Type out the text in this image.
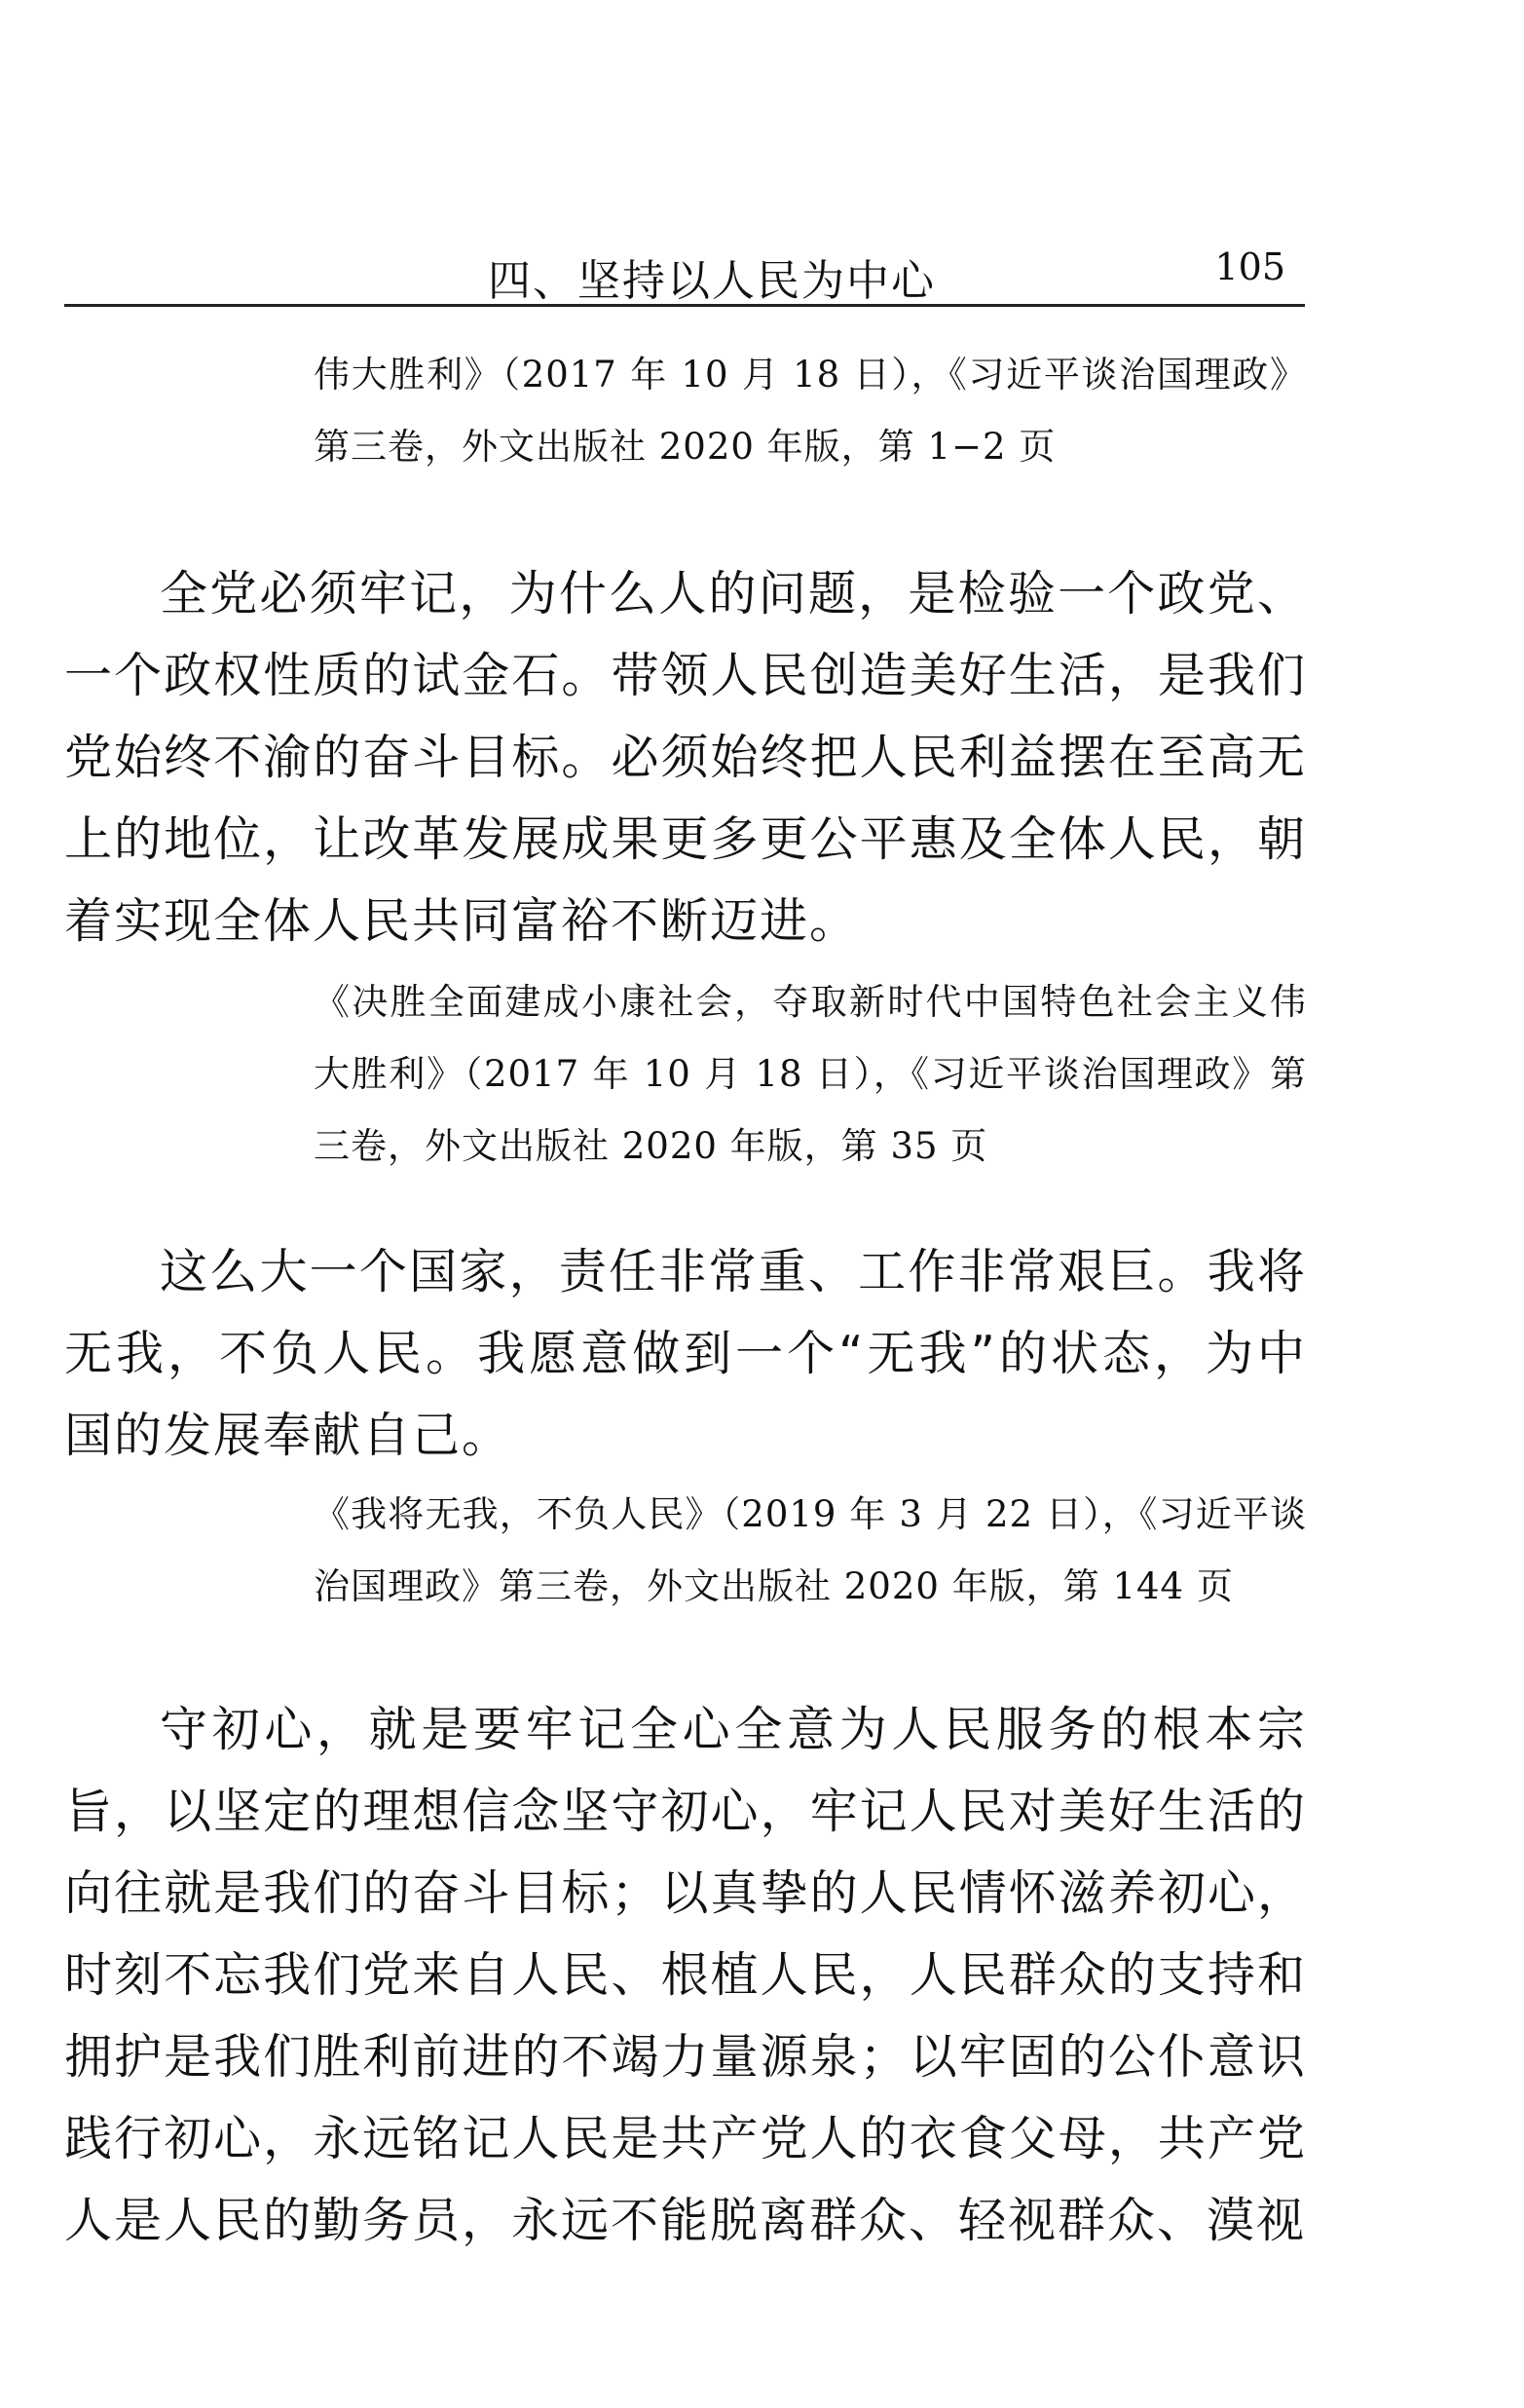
四、坚持以人民为中心	105
伟大胜利》（2017 年 10 月 18 日），《习近平谈治国理政》第三卷，外文出版社 2020 年版，第 1−2 页
全党必须牢记，为什么人的问题，是检验一个政党、一个政权性质的试金石。带领人民创造美好生活，是我们党始终不渝的奋斗目标。必须始终把人民利益摆在至高无上的地位，让改革发展成果更多更公平惠及全体人民，朝着实现全体人民共同富裕不断迈进。
《决胜全面建成小康社会，夺取新时代中国特色社会主义伟大胜利》（2017 年 10 月 18 日），《习近平谈治国理政》第三卷，外文出版社 2020 年版，第 35 页
这么大一个国家，责任非常重、工作非常艰巨。我将无我，不负人民。我愿意做到一个“无我”的状态，为中国的发展奉献自己。
《我将无我，不负人民》（2019 年 3 月 22 日），《习近平谈治国理政》第三卷，外文出版社 2020 年版，第 144 页
守初心，就是要牢记全心全意为人民服务的根本宗旨，以坚定的理想信念坚守初心，牢记人民对美好生活的向往就是我们的奋斗目标；以真挚的人民情怀滋养初心，时刻不忘我们党来自人民、根植人民，人民群众的支持和拥护是我们胜利前进的不竭力量源泉；以牢固的公仆意识践行初心，永远铭记人民是共产党人的衣食父母，共产党人是人民的勤务员，永远不能脱离群众、轻视群众、漠视
